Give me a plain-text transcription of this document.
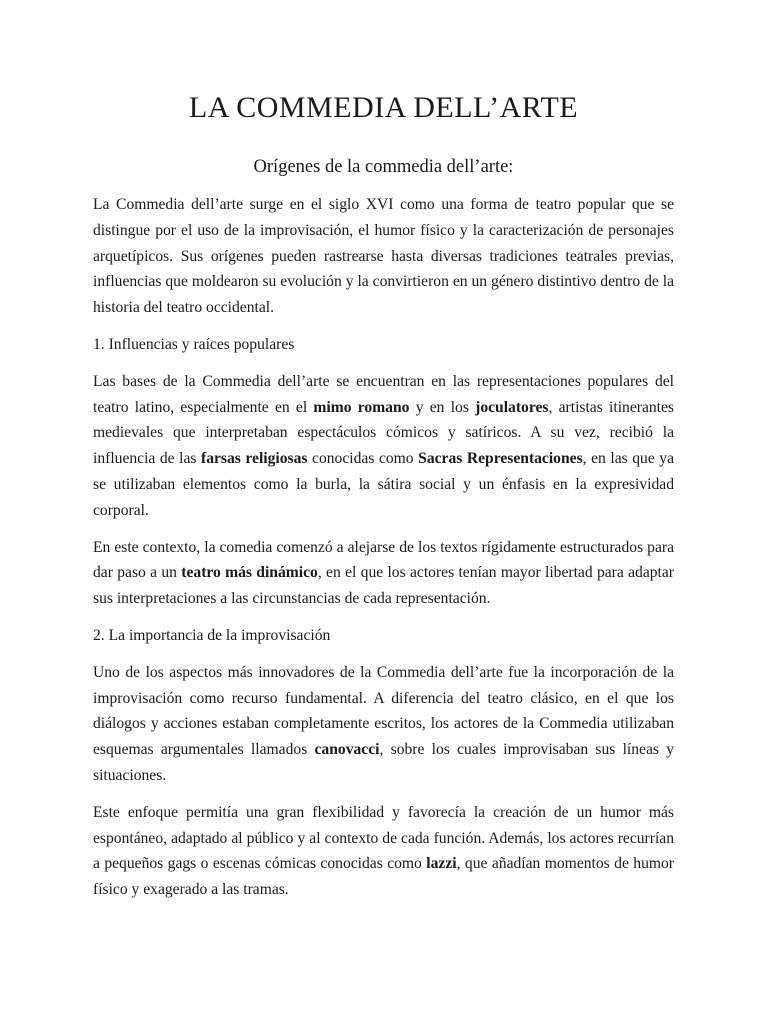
LA COMMEDIA DELL’ARTE
Orígenes de la commedia dell’arte:

La Commedia dell’arte surge en el siglo XVI como una forma de teatro popular que se distingue por el uso de la improvisación, el humor físico y la caracterización de personajes arquetípicos. Sus orígenes pueden rastrearse hasta diversas tradiciones teatrales previas, influencias que moldearon su evolución y la convirtieron en un género distintivo dentro de la historia del teatro occidental.

1. Influencias y raíces populares

Las bases de la Commedia dell’arte se encuentran en las representaciones populares del teatro latino, especialmente en el mimo romano y en los joculatores, artistas itinerantes medievales que interpretaban espectáculos cómicos y satíricos. A su vez, recibió la influencia de las farsas religiosas conocidas como Sacras Representaciones, en las que ya se utilizaban elementos como la burla, la sátira social y un énfasis en la expresividad corporal.

En este contexto, la comedia comenzó a alejarse de los textos rígidamente estructurados para dar paso a un teatro más dinámico, en el que los actores tenían mayor libertad para adaptar sus interpretaciones a las circunstancias de cada representación.

2. La importancia de la improvisación

Uno de los aspectos más innovadores de la Commedia dell’arte fue la incorporación de la improvisación como recurso fundamental. A diferencia del teatro clásico, en el que los diálogos y acciones estaban completamente escritos, los actores de la Commedia utilizaban esquemas argumentales llamados canovacci, sobre los cuales improvisaban sus líneas y situaciones.

Este enfoque permitía una gran flexibilidad y favorecía la creación de un humor más espontáneo, adaptado al público y al contexto de cada función. Además, los actores recurrían a pequeños gags o escenas cómicas conocidas como lazzi, que añadían momentos de humor físico y exagerado a las tramas.
